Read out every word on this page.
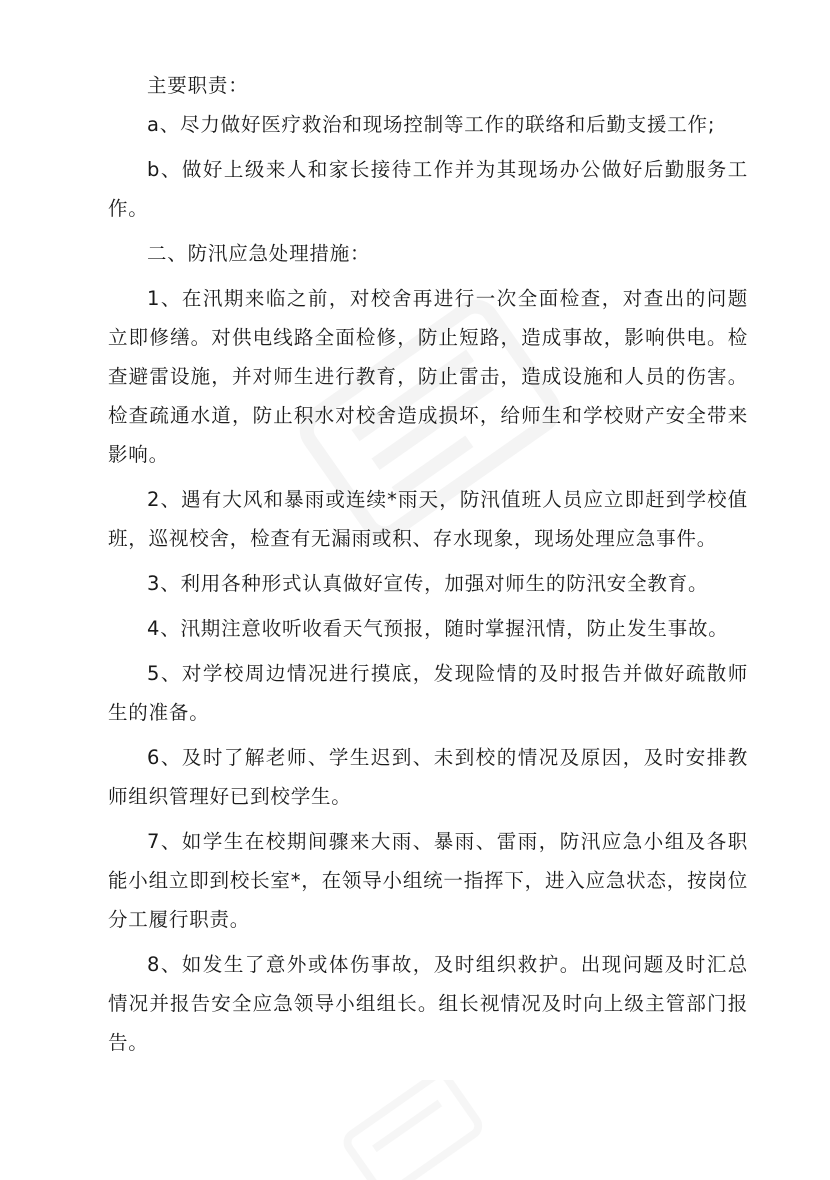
主要职责：

a、尽力做好医疗救治和现场控制等工作的联络和后勤支援工作;

b、做好上级来人和家长接待工作并为其现场办公做好后勤服务工作。

二、防汛应急处理措施：

1、在汛期来临之前，对校舍再进行一次全面检查，对查出的问题立即修缮。对供电线路全面检修，防止短路，造成事故，影响供电。检查避雷设施，并对师生进行教育，防止雷击，造成设施和人员的伤害。检查疏通水道，防止积水对校舍造成损坏，给师生和学校财产安全带来影响。

2、遇有大风和暴雨或连续*雨天，防汛值班人员应立即赶到学校值班，巡视校舍，检查有无漏雨或积、存水现象，现场处理应急事件。

3、利用各种形式认真做好宣传，加强对师生的防汛安全教育。

4、汛期注意收听收看天气预报，随时掌握汛情，防止发生事故。

5、对学校周边情况进行摸底，发现险情的及时报告并做好疏散师生的准备。

6、及时了解老师、学生迟到、未到校的情况及原因，及时安排教师组织管理好已到校学生。

7、如学生在校期间骤来大雨、暴雨、雷雨，防汛应急小组及各职能小组立即到校长室*，在领导小组统一指挥下，进入应急状态，按岗位分工履行职责。

8、如发生了意外或体伤事故，及时组织救护。出现问题及时汇总情况并报告安全应急领导小组组长。组长视情况及时向上级主管部门报告。
